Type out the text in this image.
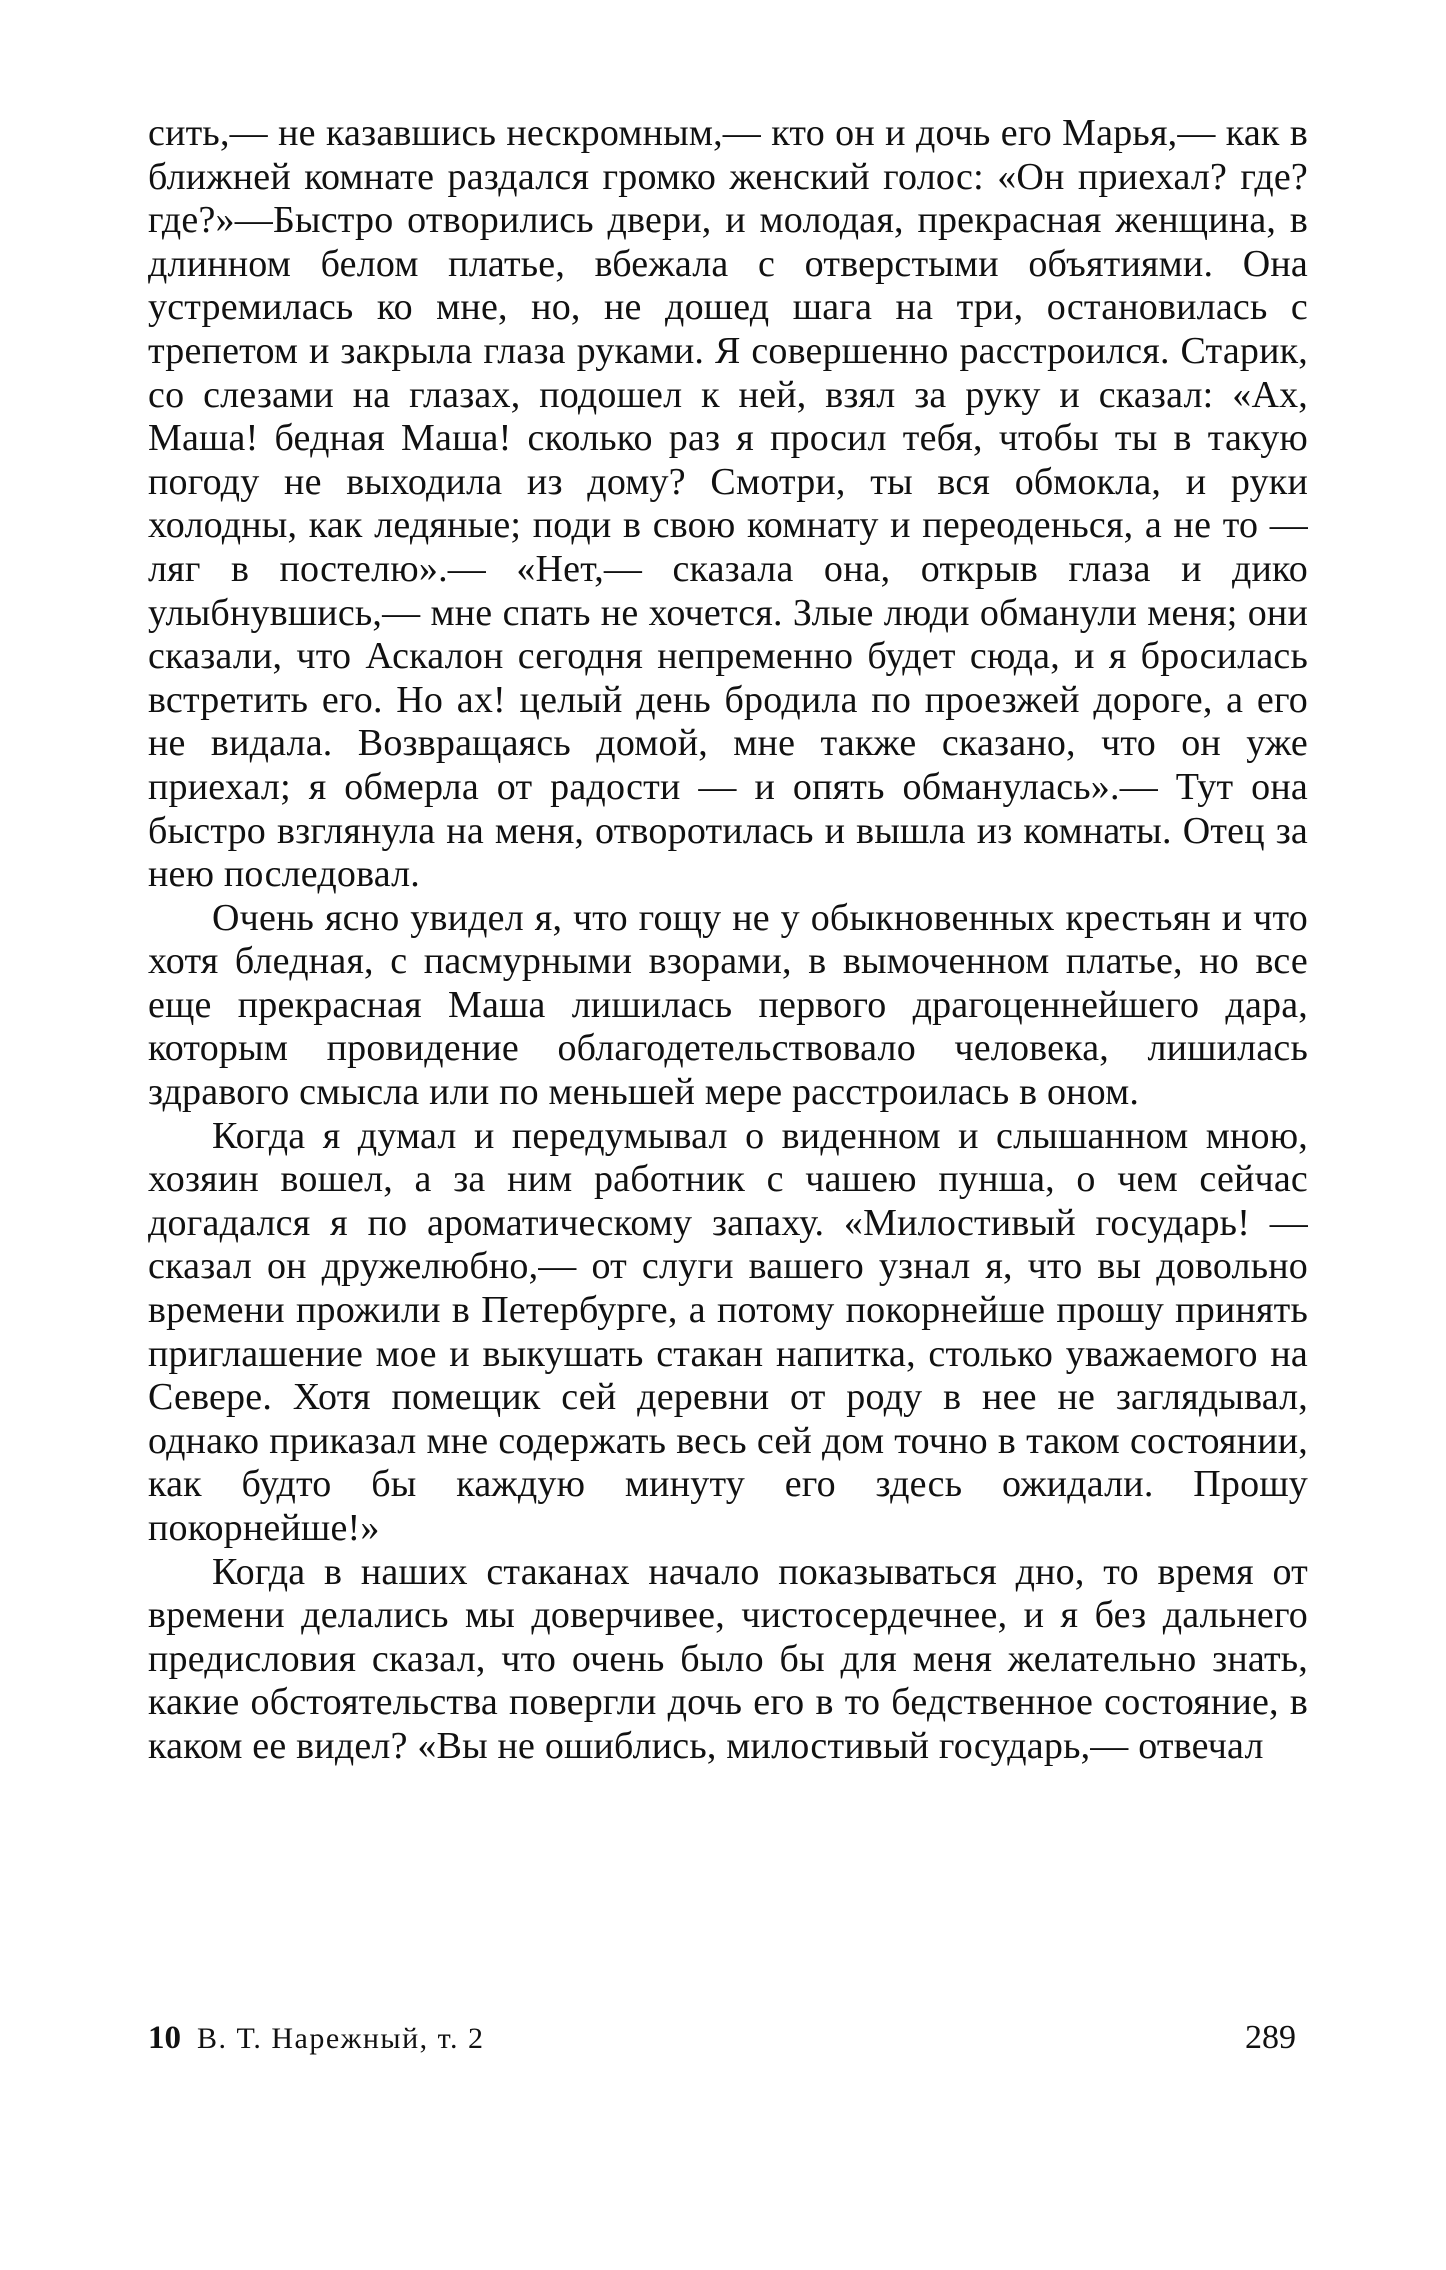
сить,— не казавшись нескромным,— кто он и дочь его Марья,— как в ближней комнате раздался громко женский голос: «Он приехал? где? где?»—Быстро отворились двери, и молодая, прекрасная женщина, в длинном белом платье, вбежала с отверстыми объятиями. Она устремилась ко мне, но, не дошед шага на три, остановилась с трепетом и закрыла глаза руками. Я совершенно расстроился. Старик, со слезами на глазах, подошел к ней, взял за руку и сказал: «Ах, Маша! бедная Маша! сколько раз я просил тебя, чтобы ты в такую погоду не выходила из дому? Смотри, ты вся обмокла, и руки холодны, как ледяные; поди в свою комнату и переоденься, а не то — ляг в постелю».— «Нет,— сказала она, открыв глаза и дико улыбнувшись,— мне спать не хочется. Злые люди обманули меня; они сказали, что Аскалон сегодня непременно будет сюда, и я бросилась встретить его. Но ах! целый день бродила по проезжей дороге, а его не видала. Возвращаясь домой, мне также сказано, что он уже приехал; я обмерла от радости — и опять обманулась».— Тут она быстро взглянула на меня, отворотилась и вышла из комнаты. Отец за нею последовал.

Очень ясно увидел я, что гощу не у обыкновенных крестьян и что хотя бледная, с пасмурными взорами, в вымоченном платье, но все еще прекрасная Маша лишилась первого драгоценнейшего дара, которым провидение облагодетельствовало человека, лишилась здравого смысла или по меньшей мере расстроилась в оном.

Когда я думал и передумывал о виденном и слышанном мною, хозяин вошел, а за ним работник с чашею пунша, о чем сейчас догадался я по ароматическому запаху. «Милостивый государь! — сказал он дружелюбно,— от слуги вашего узнал я, что вы довольно времени прожили в Петербурге, а потому покорнейше прошу принять приглашение мое и выкушать стакан напитка, столько уважаемого на Севере. Хотя помещик сей деревни от роду в нее не заглядывал, однако приказал мне содержать весь сей дом точно в таком состоянии, как будто бы каждую минуту его здесь ожидали. Прошу покорнейше!»

Когда в наших стаканах начало показываться дно, то время от времени делались мы доверчивее, чистосердечнее, и я без дальнего предисловия сказал, что очень было бы для меня желательно знать, какие обстоятельства повергли дочь его в то бедственное состояние, в каком ее видел? «Вы не ошиблись, милостивый государь,— отвечал

10 В. Т. Нарежный, т. 2	289
